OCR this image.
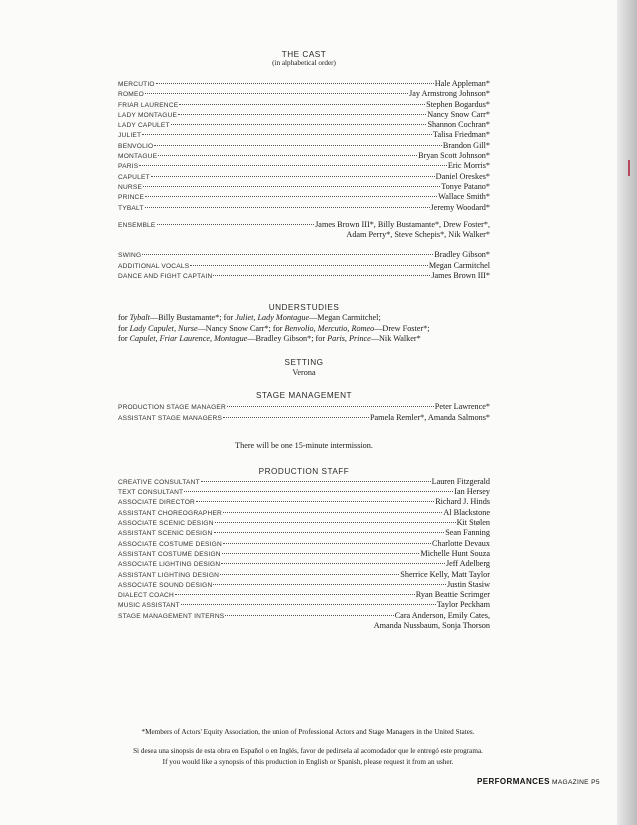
THE CAST
(in alphabetical order)
MERCUTIO	Hale Appleman*
ROMEO	Jay Armstrong Johnson*
FRIAR LAURENCE	Stephen Bogardus*
LADY MONTAGUE	Nancy Snow Carr*
LADY CAPULET	Shannon Cochran*
JULIET	Talisa Friedman*
BENVOLIO	Brandon Gill*
MONTAGUE	Bryan Scott Johnson*
PARIS	Eric Morris*
CAPULET	Daniel Oreskes*
NURSE	Tonye Patano*
PRINCE	Wallace Smith*
TYBALT	Jeremy Woodard*
ENSEMBLE	James Brown III*, Billy Bustamante*, Drew Foster*,
Adam Perry*, Steve Schepis*, Nik Walker*
SWING	Bradley Gibson*
ADDITIONAL VOCALS	Megan Carmitchel
DANCE AND FIGHT CAPTAIN	James Brown III*
UNDERSTUDIES
for Tybalt—Billy Bustamante*; for Juliet, Lady Montague—Megan Carmitchel;
for Lady Capulet, Nurse—Nancy Snow Carr*; for Benvolio, Mercutio, Romeo—Drew Foster*;
for Capulet, Friar Laurence, Montague—Bradley Gibson*; for Paris, Prince—Nik Walker*
SETTING
Verona
STAGE MANAGEMENT
PRODUCTION STAGE MANAGER	Peter Lawrence*
ASSISTANT STAGE MANAGERS	Pamela Remler*, Amanda Salmons*
There will be one 15-minute intermission.
PRODUCTION STAFF
CREATIVE CONSULTANT	Lauren Fitzgerald
TEXT CONSULTANT	Ian Hersey
ASSOCIATE DIRECTOR	Richard J. Hinds
ASSISTANT CHOREOGRAPHER	Al Blackstone
ASSOCIATE SCENIC DESIGN	Kit Stølen
ASSISTANT SCENIC DESIGN	Sean Fanning
ASSOCIATE COSTUME DESIGN	Charlotte Devaux
ASSISTANT COSTUME DESIGN	Michelle Hunt Souza
ASSOCIATE LIGHTING DESIGN	Jeff Adelberg
ASSISTANT LIGHTING DESIGN	Sherrice Kelly, Matt Taylor
ASSOCIATE SOUND DESIGN	Justin Stasiw
DIALECT COACH	Ryan Beattie Scrimger
MUSIC ASSISTANT	Taylor Peckham
STAGE MANAGEMENT INTERNS	Cara Anderson, Emily Cates,
Amanda Nussbaum, Sonja Thorson
*Members of Actors' Equity Association, the union of Professional Actors and Stage Managers in the United States.
Si desea una sinopsis de esta obra en Español o en Inglés, favor de pedirsela al acomodador que le entregó este programa.
If you would like a synopsis of this production in English or Spanish, please request it from an usher.
PERFORMANCES MAGAZINE P5
